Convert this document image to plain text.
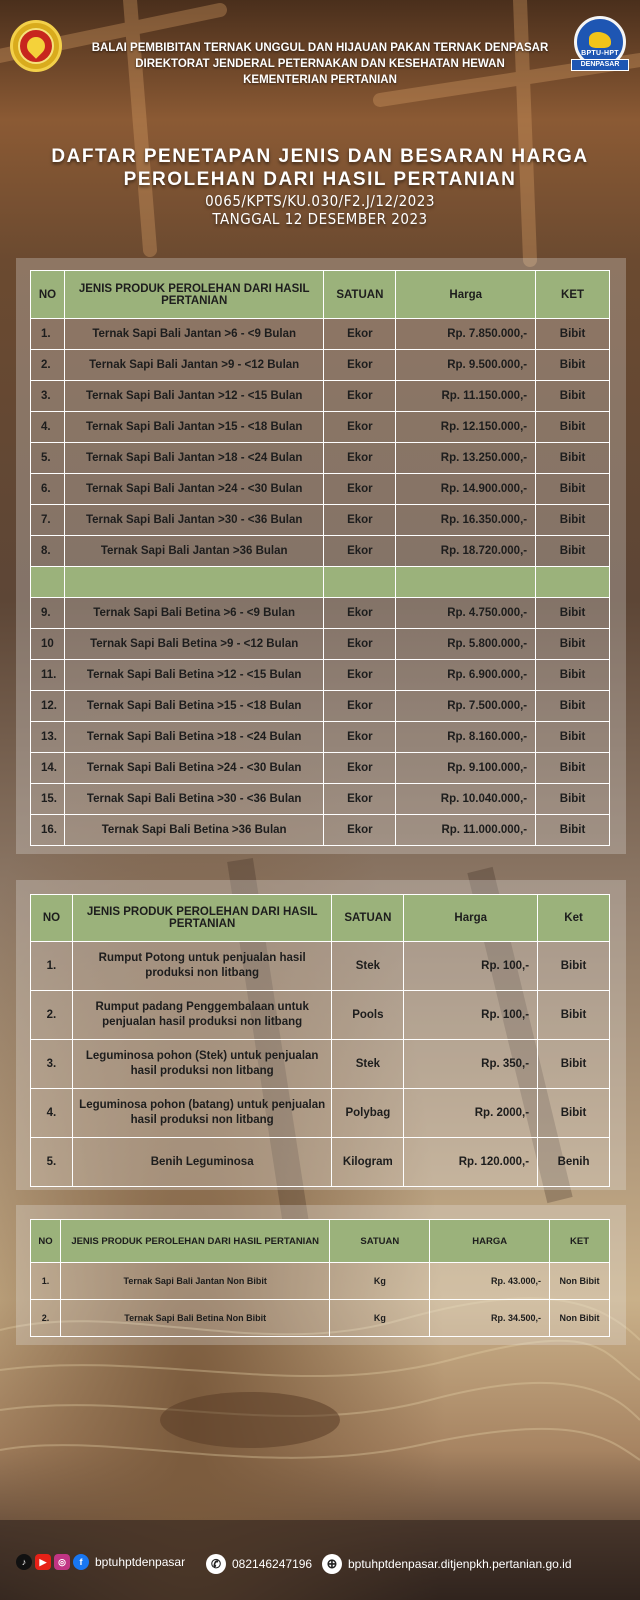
BALAI PEMBIBITAN TERNAK UNGGUL DAN HIJAUAN PAKAN TERNAK DENPASAR
DIREKTORAT JENDERAL PETERNAKAN DAN KESEHATAN HEWAN
KEMENTERIAN PERTANIAN
BPTU-HPT
DENPASAR
DAFTAR PENETAPAN JENIS DAN BESARAN HARGA
PEROLEHAN DARI HASIL PERTANIAN
0065/KPTS/KU.030/F2.J/12/2023
TANGGAL 12 DESEMBER 2023
NO	JENIS PRODUK PEROLEHAN DARI HASIL PERTANIAN	SATUAN	Harga	KET
1.	Ternak Sapi Bali Jantan >6 - <9 Bulan	Ekor	Rp. 7.850.000,-	Bibit
2.	Ternak Sapi Bali Jantan >9 - <12 Bulan	Ekor	Rp. 9.500.000,-	Bibit
3.	Ternak Sapi Bali Jantan >12 - <15 Bulan	Ekor	Rp. 11.150.000,-	Bibit
4.	Ternak Sapi Bali Jantan >15 - <18 Bulan	Ekor	Rp. 12.150.000,-	Bibit
5.	Ternak Sapi Bali Jantan >18 - <24 Bulan	Ekor	Rp. 13.250.000,-	Bibit
6.	Ternak Sapi Bali Jantan >24 - <30 Bulan	Ekor	Rp. 14.900.000,-	Bibit
7.	Ternak Sapi Bali Jantan >30 - <36 Bulan	Ekor	Rp. 16.350.000,-	Bibit
8.	Ternak Sapi Bali Jantan >36 Bulan	Ekor	Rp. 18.720.000,-	Bibit

9.	Ternak Sapi Bali Betina >6 - <9 Bulan	Ekor	Rp. 4.750.000,-	Bibit
10	Ternak Sapi Bali Betina >9 - <12 Bulan	Ekor	Rp. 5.800.000,-	Bibit
11.	Ternak Sapi Bali Betina >12 - <15 Bulan	Ekor	Rp. 6.900.000,-	Bibit
12.	Ternak Sapi Bali Betina >15 - <18 Bulan	Ekor	Rp. 7.500.000,-	Bibit
13.	Ternak Sapi Bali Betina >18 - <24 Bulan	Ekor	Rp. 8.160.000,-	Bibit
14.	Ternak Sapi Bali Betina >24 - <30 Bulan	Ekor	Rp. 9.100.000,-	Bibit
15.	Ternak Sapi Bali Betina >30 - <36 Bulan	Ekor	Rp. 10.040.000,-	Bibit
16.	Ternak Sapi Bali Betina >36 Bulan	Ekor	Rp. 11.000.000,-	Bibit
NO	JENIS PRODUK PEROLEHAN DARI HASIL PERTANIAN	SATUAN	Harga	Ket
1.	Rumput Potong untuk penjualan hasil produksi non litbang	Stek	Rp. 100,-	Bibit
2.	Rumput padang Penggembalaan untuk penjualan hasil produksi non litbang	Pools	Rp. 100,-	Bibit
3.	Leguminosa pohon (Stek) untuk penjualan hasil produksi non litbang	Stek	Rp. 350,-	Bibit
4.	Leguminosa pohon (batang) untuk penjualan hasil produksi non litbang	Polybag	Rp. 2000,-	Bibit
5.	Benih Leguminosa	Kilogram	Rp. 120.000,-	Benih
NO	JENIS PRODUK PEROLEHAN DARI HASIL PERTANIAN	SATUAN	HARGA	KET
1.	Ternak Sapi Bali Jantan Non Bibit	Kg	Rp. 43.000,-	Non Bibit
2.	Ternak Sapi Bali Betina Non Bibit	Kg	Rp. 34.500,-	Non Bibit
♪	▶	◎	f	bptuhptdenpasar	✆ 082146247196	⊕ bptuhptdenpasar.ditjenpkh.pertanian.go.id
